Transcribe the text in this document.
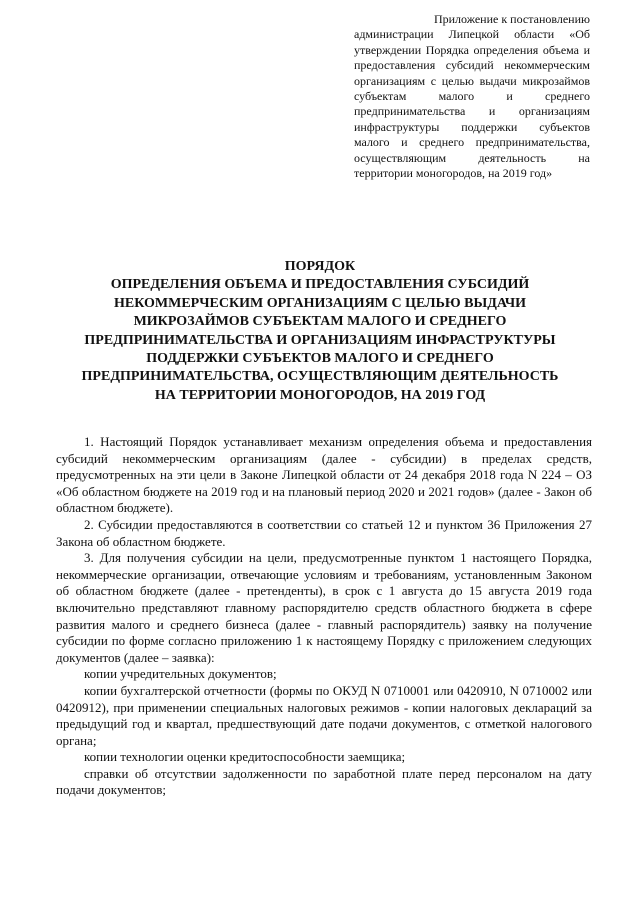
Приложение к постановлению
администрации Липецкой области «Об утверждении Порядка определения объема и предоставления субсидий некоммерческим организациям с целью выдачи микрозаймов субъектам малого и среднего предпринимательства и организациям инфраструктуры поддержки субъектов малого и среднего предпринимательства, осуществляющим деятельность на территории моногородов, на 2019 год»
ПОРЯДОК
ОПРЕДЕЛЕНИЯ ОБЪЕМА И ПРЕДОСТАВЛЕНИЯ СУБСИДИЙ
НЕКОММЕРЧЕСКИМ ОРГАНИЗАЦИЯМ С ЦЕЛЬЮ ВЫДАЧИ
МИКРОЗАЙМОВ СУБЪЕКТАМ МАЛОГО И СРЕДНЕГО
ПРЕДПРИНИМАТЕЛЬСТВА И ОРГАНИЗАЦИЯМ ИНФРАСТРУКТУРЫ
ПОДДЕРЖКИ СУБЪЕКТОВ МАЛОГО И СРЕДНЕГО
ПРЕДПРИНИМАТЕЛЬСТВА, ОСУЩЕСТВЛЯЮЩИМ ДЕЯТЕЛЬНОСТЬ
НА ТЕРРИТОРИИ МОНОГОРОДОВ, НА 2019 ГОД

1. Настоящий Порядок устанавливает механизм определения объема и предоставления субсидий некоммерческим организациям (далее - субсидии) в пределах средств, предусмотренных на эти цели в Законе Липецкой области от 24 декабря 2018 года N 224 – ОЗ «Об областном бюджете на 2019 год и на плановый период 2020 и 2021 годов» (далее - Закон об областном бюджете).

2. Субсидии предоставляются в соответствии со статьей 12 и пунктом 36 Приложения 27 Закона об областном бюджете.

3. Для получения субсидии на цели, предусмотренные пунктом 1 настоящего Порядка, некоммерческие организации, отвечающие условиям и требованиям, установленным Законом об областном бюджете (далее - претенденты), в срок с 1 августа до 15 августа 2019 года включительно представляют главному распорядителю средств областного бюджета в сфере развития малого и среднего бизнеса (далее - главный распорядитель) заявку на получение субсидии по форме согласно приложению 1 к настоящему Порядку с приложением следующих документов (далее – заявка):

копии учредительных документов;

копии бухгалтерской отчетности (формы по ОКУД N 0710001 или 0420910, N 0710002 или 0420912), при применении специальных налоговых режимов - копии налоговых деклараций за предыдущий год и квартал, предшествующий дате подачи документов, с отметкой налогового органа;

копии технологии оценки кредитоспособности заемщика;

справки об отсутствии задолженности по заработной плате перед персоналом на дату подачи документов;
